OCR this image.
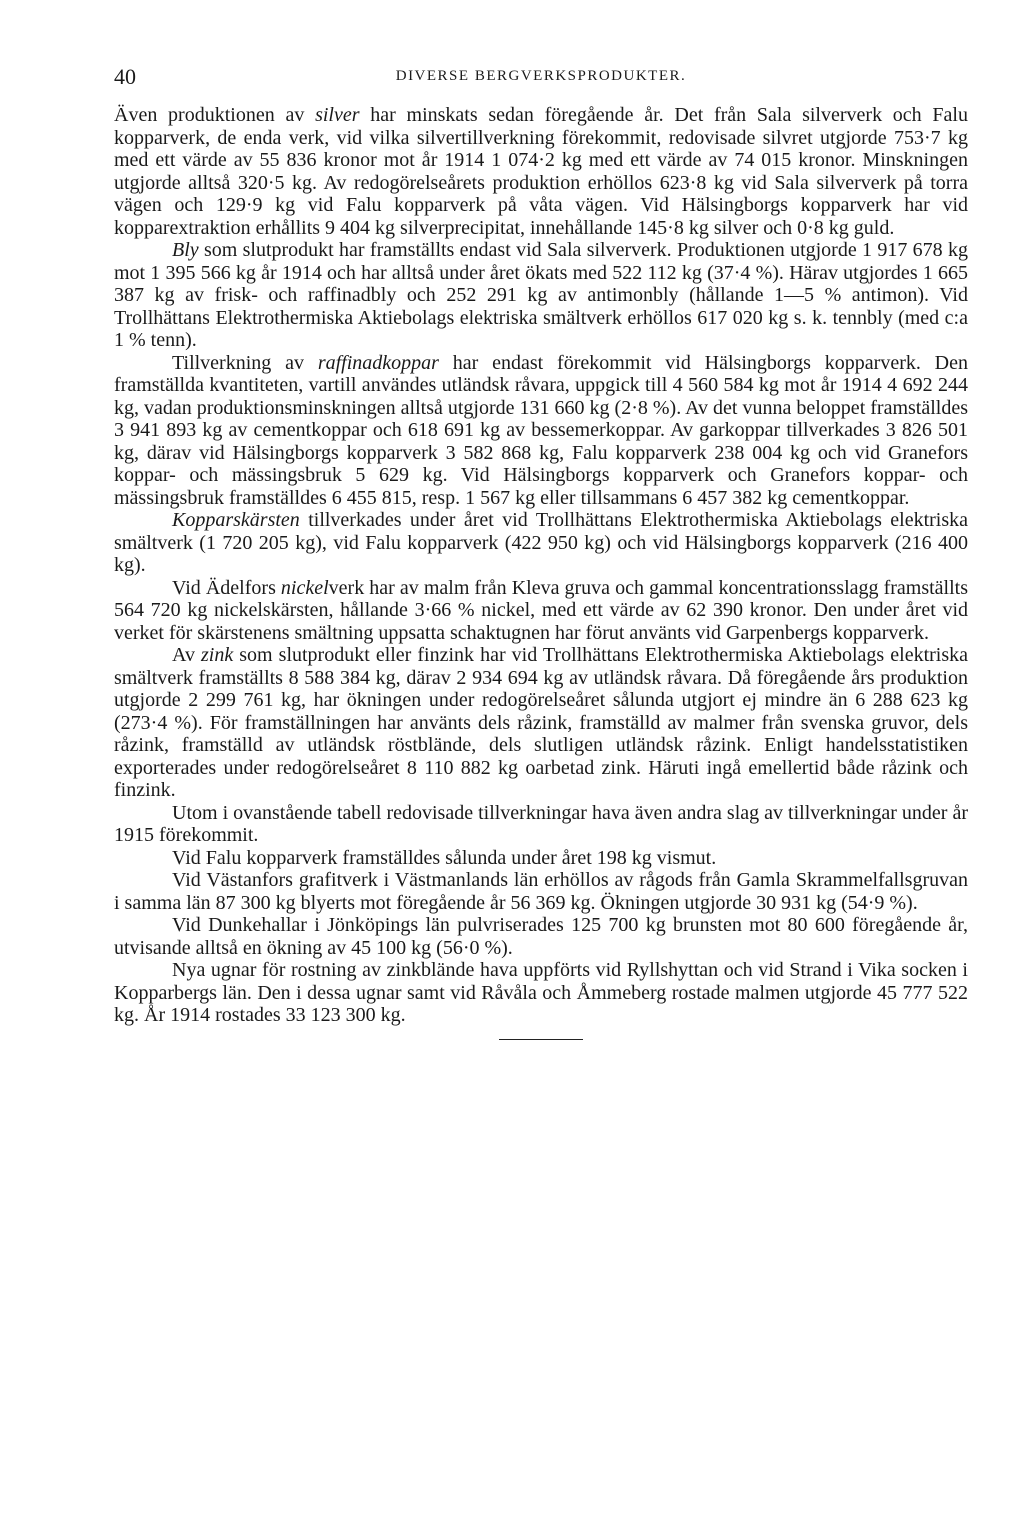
40	DIVERSE BERGVERKSPRODUKTER.

Även produktionen av silver har minskats sedan föregående år. Det från Sala silververk och Falu kopparverk, de enda verk, vid vilka silvertillverkning förekommit, redovisade silvret utgjorde 753·7 kg med ett värde av 55 836 kronor mot år 1914 1 074·2 kg med ett värde av 74 015 kronor. Minskningen utgjorde alltså 320·5 kg. Av redogörelseårets produktion erhöllos 623·8 kg vid Sala silververk på torra vägen och 129·9 kg vid Falu kopparverk på våta vägen. Vid Hälsingborgs kopparverk har vid kopparextraktion erhållits 9 404 kg silverprecipitat, innehållande 145·8 kg silver och 0·8 kg guld.

Bly som slutprodukt har framställts endast vid Sala silververk. Produktionen utgjorde 1 917 678 kg mot 1 395 566 kg år 1914 och har alltså under året ökats med 522 112 kg (37·4 %). Härav utgjordes 1 665 387 kg av frisk- och raffinadbly och 252 291 kg av antimonbly (hållande 1—5 % antimon). Vid Trollhättans Elektrothermiska Aktiebolags elektriska smältverk erhöllos 617 020 kg s. k. tennbly (med c:a 1 % tenn).

Tillverkning av raffinadkoppar har endast förekommit vid Hälsingborgs kopparverk. Den framställda kvantiteten, vartill användes utländsk råvara, uppgick till 4 560 584 kg mot år 1914 4 692 244 kg, vadan produktionsminskningen alltså utgjorde 131 660 kg (2·8 %). Av det vunna beloppet framställdes 3 941 893 kg av cementkoppar och 618 691 kg av bessemerkoppar. Av garkoppar tillverkades 3 826 501 kg, därav vid Hälsingborgs kopparverk 3 582 868 kg, Falu kopparverk 238 004 kg och vid Granefors koppar- och mässingsbruk 5 629 kg. Vid Hälsingborgs kopparverk och Granefors koppar- och mässingsbruk framställdes 6 455 815, resp. 1 567 kg eller tillsammans 6 457 382 kg cementkoppar.

Kopparskärsten tillverkades under året vid Trollhättans Elektrothermiska Aktiebolags elektriska smältverk (1 720 205 kg), vid Falu kopparverk (422 950 kg) och vid Hälsingborgs kopparverk (216 400 kg).

Vid Ädelfors nickelverk har av malm från Kleva gruva och gammal koncentrationsslagg framställts 564 720 kg nickelskärsten, hållande 3·66 % nickel, med ett värde av 62 390 kronor. Den under året vid verket för skärstenens smältning uppsatta schaktugnen har förut använts vid Garpenbergs kopparverk.

Av zink som slutprodukt eller finzink har vid Trollhättans Elektrothermiska Aktiebolags elektriska smältverk framställts 8 588 384 kg, därav 2 934 694 kg av utländsk råvara. Då föregående års produktion utgjorde 2 299 761 kg, har ökningen under redogörelseåret sålunda utgjort ej mindre än 6 288 623 kg (273·4 %). För framställningen har använts dels råzink, framställd av malmer från svenska gruvor, dels råzink, framställd av utländsk röstblände, dels slutligen utländsk råzink. Enligt handelsstatistiken exporterades under redogörelseåret 8 110 882 kg oarbetad zink. Häruti ingå emellertid både råzink och finzink.

Utom i ovanstående tabell redovisade tillverkningar hava även andra slag av tillverkningar under år 1915 förekommit.

Vid Falu kopparverk framställdes sålunda under året 198 kg vismut.

Vid Västanfors grafitverk i Västmanlands län erhöllos av rågods från Gamla Skrammelfallsgruvan i samma län 87 300 kg blyerts mot föregående år 56 369 kg. Ökningen utgjorde 30 931 kg (54·9 %).

Vid Dunkehallar i Jönköpings län pulvriserades 125 700 kg brunsten mot 80 600 föregående år, utvisande alltså en ökning av 45 100 kg (56·0 %).

Nya ugnar för rostning av zinkblände hava uppförts vid Ryllshyttan och vid Strand i Vika socken i Kopparbergs län. Den i dessa ugnar samt vid Råvåla och Åmmeberg rostade malmen utgjorde 45 777 522 kg. År 1914 rostades 33 123 300 kg.
